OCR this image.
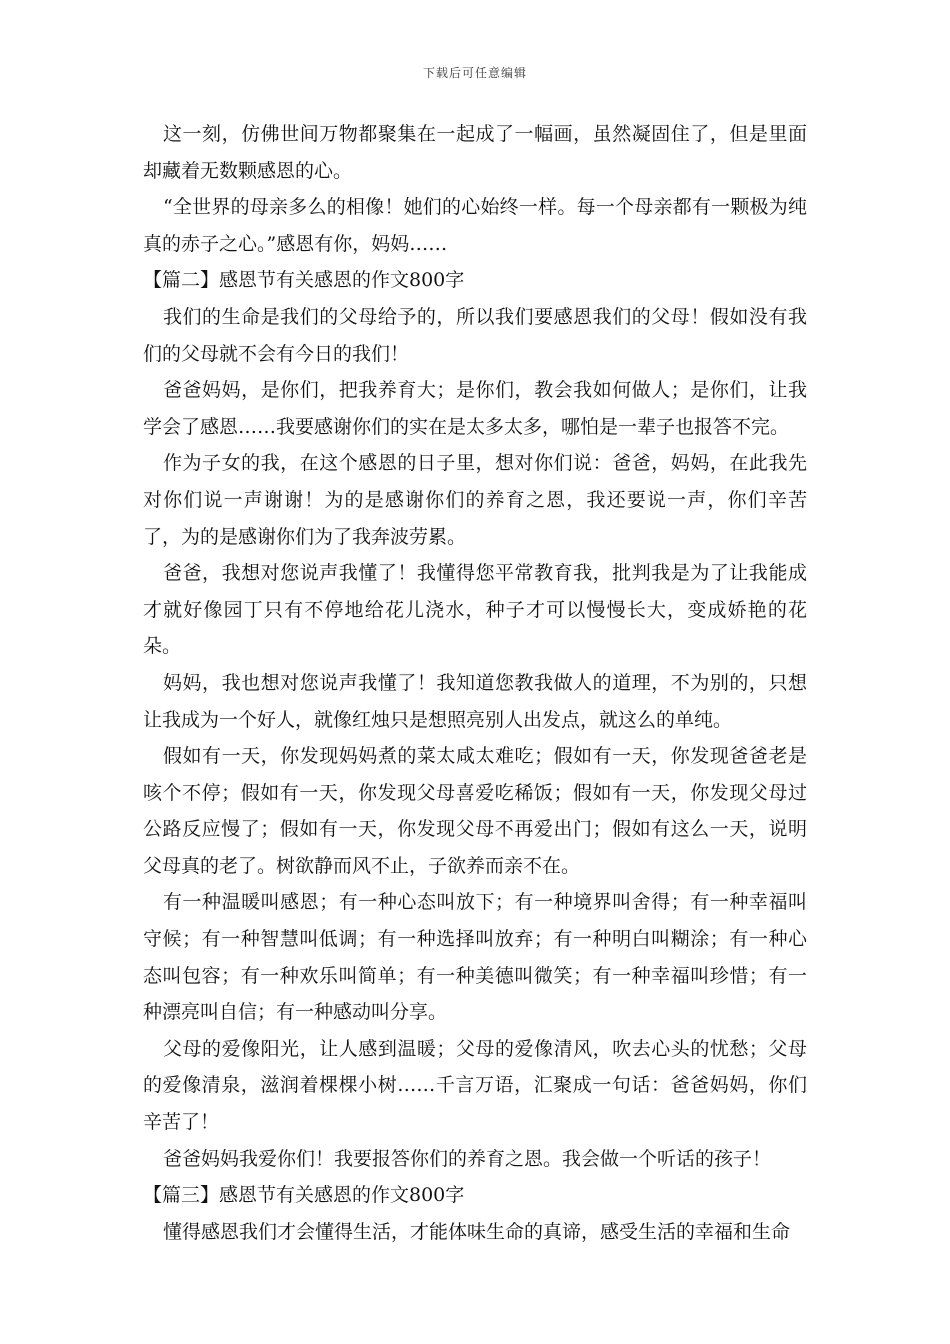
下载后可任意编辑

这一刻，仿佛世间万物都聚集在一起成了一幅画，虽然凝固住了，但是里面却藏着无数颗感恩的心。

“全世界的母亲多么的相像！她们的心始终一样。每一个母亲都有一颗极为纯真的赤子之心。”感恩有你，妈妈……

【篇二】感恩节有关感恩的作文800字

我们的生命是我们的父母给予的，所以我们要感恩我们的父母！假如没有我们的父母就不会有今日的我们！

爸爸妈妈，是你们，把我养育大；是你们，教会我如何做人；是你们，让我学会了感恩……我要感谢你们的实在是太多太多，哪怕是一辈子也报答不完。

作为子女的我，在这个感恩的日子里，想对你们说：爸爸，妈妈，在此我先对你们说一声谢谢！为的是感谢你们的养育之恩，我还要说一声，你们辛苦了，为的是感谢你们为了我奔波劳累。

爸爸，我想对您说声我懂了！我懂得您平常教育我，批判我是为了让我能成才就好像园丁只有不停地给花儿浇水，种子才可以慢慢长大，变成娇艳的花朵。

妈妈，我也想对您说声我懂了！我知道您教我做人的道理，不为别的，只想让我成为一个好人，就像红烛只是想照亮别人出发点，就这么的单纯。

假如有一天，你发现妈妈煮的菜太咸太难吃；假如有一天，你发现爸爸老是咳个不停；假如有一天，你发现父母喜爱吃稀饭；假如有一天，你发现父母过公路反应慢了；假如有一天，你发现父母不再爱出门；假如有这么一天，说明父母真的老了。树欲静而风不止，子欲养而亲不在。

有一种温暖叫感恩；有一种心态叫放下；有一种境界叫舍得；有一种幸福叫守候；有一种智慧叫低调；有一种选择叫放弃；有一种明白叫糊涂；有一种心态叫包容；有一种欢乐叫简单；有一种美德叫微笑；有一种幸福叫珍惜；有一种漂亮叫自信；有一种感动叫分享。

父母的爱像阳光，让人感到温暖；父母的爱像清风，吹去心头的忧愁；父母的爱像清泉，滋润着棵棵小树……千言万语，汇聚成一句话：爸爸妈妈，你们辛苦了！

爸爸妈妈我爱你们！我要报答你们的养育之恩。我会做一个听话的孩子！

【篇三】感恩节有关感恩的作文800字

懂得感恩我们才会懂得生活，才能体味生命的真谛，感受生活的幸福和生命
